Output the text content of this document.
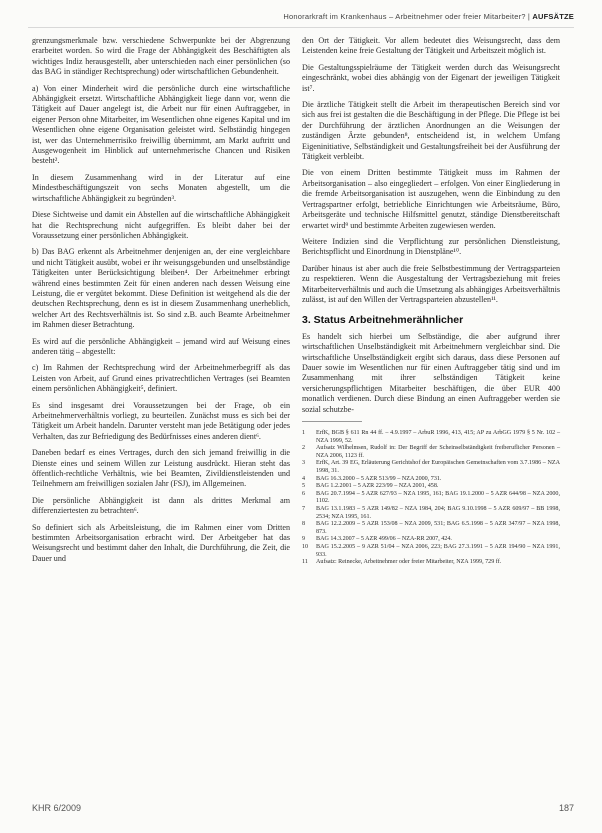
Honorarkraft im Krankenhaus – Arbeitnehmer oder freier Mitarbeiter? | AUFSÄTZE

grenzungsmerkmale bzw. verschiedene Schwerpunkte bei der Abgrenzung erarbeitet worden. So wird die Frage der Abhängigkeit des Beschäftigten als wichtiges Indiz herausgestellt, aber unterschieden nach einer persönlichen (so das BAG in ständiger Rechtsprechung) oder wirtschaftlichen Gebundenheit.

a) Von einer Minderheit wird die persönliche durch eine wirtschaftliche Abhängigkeit ersetzt. Wirtschaftliche Abhängigkeit liege dann vor, wenn die Tätigkeit auf Dauer angelegt ist, die Arbeit nur für einen Auftraggeber, in eigener Person ohne Mitarbeiter, im Wesentlichen ohne eigenes Kapital und im Wesentlichen ohne eigene Organisation geleistet wird. Selbständig hingegen ist, wer das Unternehmerrisiko freiwillig übernimmt, am Markt auftritt und Ausgewogenheit im Hinblick auf unternehmerische Chancen und Risiken besteht².

In diesem Zusammenhang wird in der Literatur auf eine Mindestbeschäftigungszeit von sechs Monaten abgestellt, um die wirtschaftliche Abhängigkeit zu begründen³.

Diese Sichtweise und damit ein Abstellen auf die wirtschaftliche Abhängigkeit hat die Rechtsprechung nicht aufgegriffen. Es bleibt daher bei der Voraussetzung einer persönlichen Abhängigkeit.

b) Das BAG erkennt als Arbeitnehmer denjenigen an, der eine vergleichbare und nicht Tätigkeit ausübt, wobei er ihr weisungsgebunden und unselbständige Tätigkeiten unter Berücksichtigung bleiben⁴. Der Arbeitnehmer erbringt während eines bestimmten Zeit für einen anderen nach dessen Weisung eine Leistung, die er vergütet bekommt. Diese Definition ist weitgehend als die der deutschen Rechtsprechung, denn es ist in diesem Zusammenhang unerheblich, welcher Art des Rechtsverhältnis ist. So sind z.B. auch Beamte Arbeitnehmer im Rahmen dieser Betrachtung.

Es wird auf die persönliche Abhängigkeit – jemand wird auf Weisung eines anderen tätig – abgestellt:

c) Im Rahmen der Rechtsprechung wird der Arbeitnehmerbegriff als das Leisten von Arbeit, auf Grund eines privatrechtlichen Vertrages (sei Beamten einem persönlichen Abhängigkeit⁵, definiert.

Es sind insgesamt drei Voraussetzungen bei der Frage, ob ein Arbeitnehmerverhältnis vorliegt, zu beurteilen. Zunächst muss es sich bei der Tätigkeit um Arbeit handeln. Darunter versteht man jede Betätigung oder jedes Verhalten, das zur Befriedigung des Bedürfnisses eines anderen dient⁶.

Daneben bedarf es eines Vertrages, durch den sich jemand freiwillig in die Dienste eines und seinem Willen zur Leistung ausdrückt. Hieran steht das öffentlich-rechtliche Verhältnis, wie bei Beamten, Zivildienstleistenden und Teilnehmern am freiwilligen sozialen Jahr (FSJ), im Allgemeinen.

Die persönliche Abhängigkeit ist dann als drittes Merkmal am differenziertesten zu betrachten⁶.

So definiert sich als Arbeitsleistung, die im Rahmen einer vom Dritten bestimmten Arbeitsorganisation erbracht wird. Der Arbeitgeber hat das Weisungsrecht und bestimmt daher den Inhalt, die Durchführung, die Zeit, die Dauer und

den Ort der Tätigkeit. Vor allem bedeutet dies Weisungsrecht, dass dem Leistenden keine freie Gestaltung der Tätigkeit und Arbeitszeit möglich ist.

Die Gestaltungsspielräume der Tätigkeit werden durch das Weisungsrecht eingeschränkt, wobei dies abhängig von der Eigenart der jeweiligen Tätigkeit ist⁷.

Die ärztliche Tätigkeit stellt die Arbeit im therapeutischen Bereich sind vor sich aus frei ist gestalten die die Beschäftigung in der Pflege. Die Pflege ist bei der Durchführung der ärztlichen Anordnungen an die Weisungen der zuständigen Ärzte gebunden⁸, entscheidend ist, in welchem Umfang Eigeninitiative, Selbständigkeit und Gestaltungsfreiheit bei der Ausführung der Tätigkeit verbleibt.

Die von einem Dritten bestimmte Tätigkeit muss im Rahmen der Arbeitsorganisation – also eingegliedert – erfolgen. Von einer Eingliederung in die fremde Arbeitsorganisation ist auszugehen, wenn die Einbindung zu den Vertragspartner erfolgt, betriebliche Einrichtungen wie Arbeitsräume, Büro, Arbeitsgeräte und technische Hilfsmittel genutzt, ständige Dienstbereitschaft erwartet wird⁹ und bestimmte Arbeiten zugewiesen werden.

Weitere Indizien sind die Verpflichtung zur persönlichen Dienstleistung, Berichtspflicht und Einordnung in Dienstpläne¹⁰.

Darüber hinaus ist aber auch die freie Selbstbestimmung der Vertragsparteien zu respektieren. Wenn die Ausgestaltung der Vertragsbeziehung mit freies Mitarbeiterverhältnis und auch die Umsetzung als abhängiges Arbeitsverhältnis zulässt, ist auf den Willen der Vertragsparteien abzustellen¹¹.

3. Status Arbeitnehmerähnlicher

Es handelt sich hierbei um Selbständige, die aber aufgrund ihrer wirtschaftlichen Unselbständigkeit mit Arbeitnehmern vergleichbar sind. Die wirtschaftliche Unselbständigkeit ergibt sich daraus, dass diese Personen auf Dauer sowie im Wesentlichen nur für einen Auftraggeber tätig sind und im Zusammenhang mit ihrer selbständigen Tätigkeit keine versicherungspflichtigen Mitarbeiter beschäftigen, die über EUR 400 monatlich verdienen. Durch diese Bindung an einen Auftraggeber werden sie sozial schutzbe-

1	ErfK, BGB § 611 Rn 44 ff. – 4.9.1997 – ArbuR 1996, 413, 415; AP zu ArbGG 1979 § 5 Nr. 102 – NZA 1999, 52.
2	Aufsatz Wilhelmsen, Rudolf in: Der Begriff der Scheinselbständigkeit freiberuflicher Personen – NZA 2006, 1123 ff.
3	ErfK, Art. 39 EG, Erläuterung Gerichtshof der Europäischen Gemeinschaften vom 3.7.1986 – NZA 1998, 31.
4	BAG 16.3.2000 – 5 AZR 513/99 – NZA 2000, 731.
5	BAG 1.2.2001 – 5 AZR 223/99 – NZA 2001, 458.
6	BAG 20.7.1994 – 5 AZR 627/93 – NZA 1995, 161; BAG 19.1.2000 – 5 AZR 644/98 – NZA 2000, 1102.
7	BAG 13.1.1983 – 5 AZR 149/82 – NZA 1984, 204; BAG 9.10.1998 – 5 AZR 609/97 – BB 1998, 2534; NZA 1995, 161.
8	BAG 12.2.2009 – 5 AZR 153/08 – NZA 2009, 531; BAG 6.5.1998 – 5 AZR 347/97 – NZA 1998, 873.
9	BAG 14.3.2007 – 5 AZR 499/06 – NZA-RR 2007, 424.
10	BAG 15.2.2005 – 9 AZR 51/04 – NZA 2006, 223; BAG 27.3.1991 – 5 AZR 194/90 – NZA 1991, 933.
11	Aufsatz: Reinecke, Arbeitnehmer oder freier Mitarbeiter, NZA 1999, 729 ff.
KHR 6/2009	187
